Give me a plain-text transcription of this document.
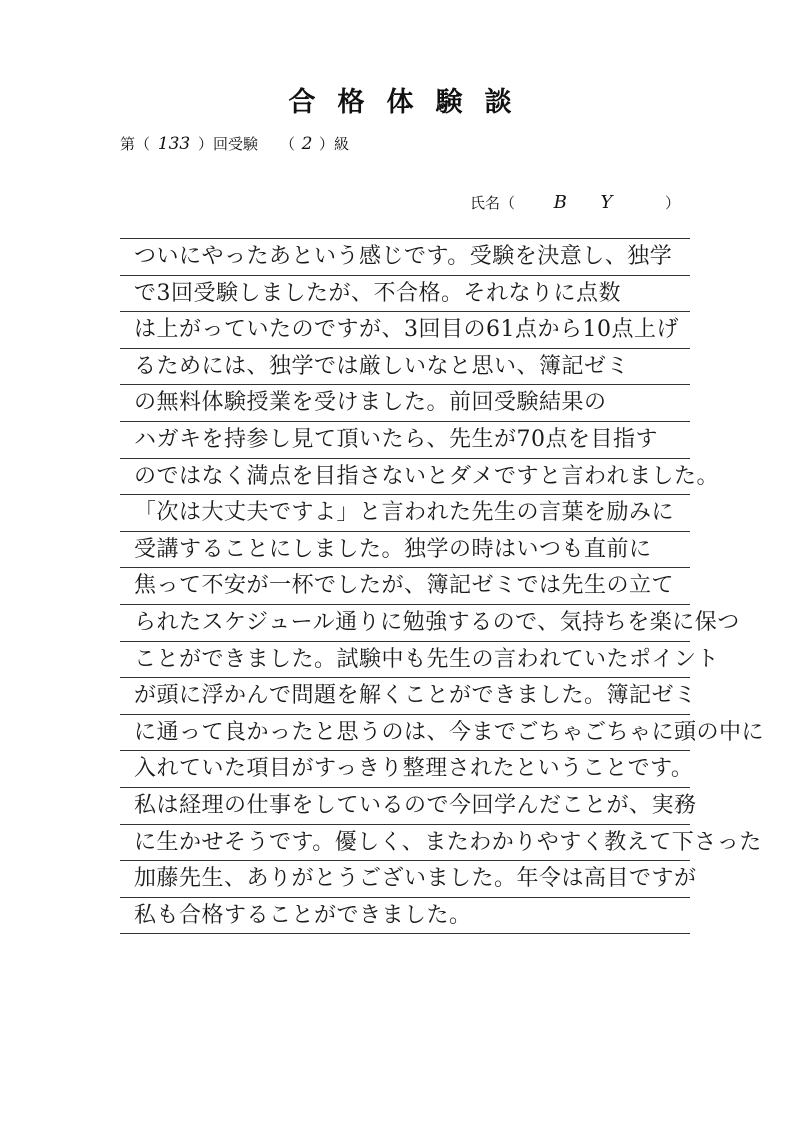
合格体験談
第（ 133 ）回受験 （ 2 ）級
氏名（ B Y	）
ついにやったあという感じです。受験を決意し、独学
で3回受験しましたが、不合格。それなりに点数
は上がっていたのですが、3回目の61点から10点上げ
るためには、独学では厳しいなと思い、簿記ゼミ
の無料体験授業を受けました。前回受験結果の
ハガキを持参し見て頂いたら、先生が70点を目指す
のではなく満点を目指さないとダメですと言われました。
「次は大丈夫ですよ」と言われた先生の言葉を励みに
受講することにしました。独学の時はいつも直前に
焦って不安が一杯でしたが、簿記ゼミでは先生の立て
られたスケジュール通りに勉強するので、気持ちを楽に保つ
ことができました。試験中も先生の言われていたポイント
が頭に浮かんで問題を解くことができました。簿記ゼミ
に通って良かったと思うのは、今までごちゃごちゃに頭の中に
入れていた項目がすっきり整理されたということです。
私は経理の仕事をしているので今回学んだことが、実務
に生かせそうです。優しく、またわかりやすく教えて下さった
加藤先生、ありがとうございました。年令は高目ですが
私も合格することができました。
